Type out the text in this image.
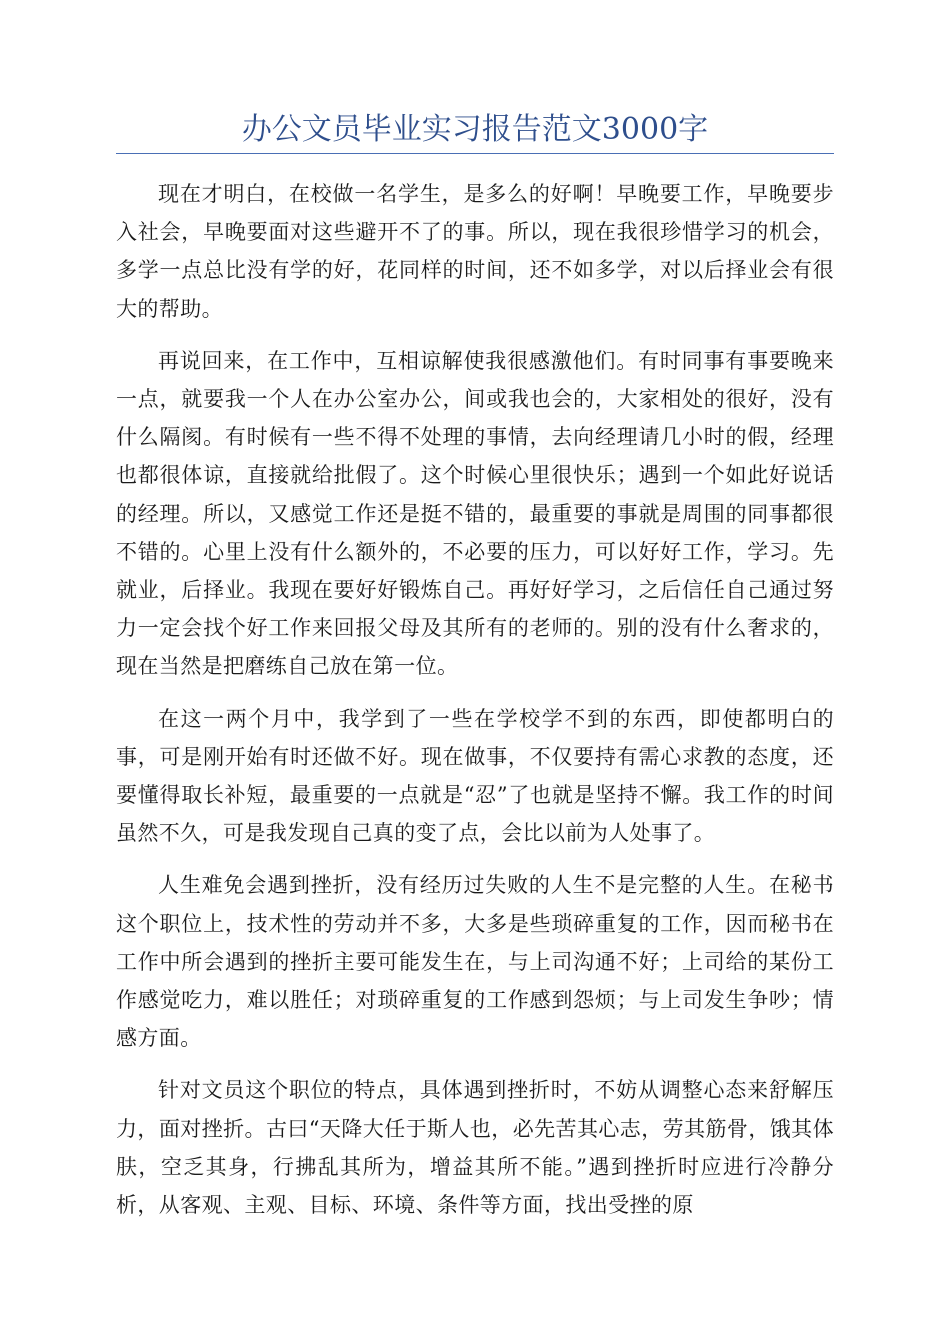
办公文员毕业实习报告范文3000字

现在才明白，在校做一名学生，是多么的好啊！早晚要工作，早晚要步入社会，早晚要面对这些避开不了的事。所以，现在我很珍惜学习的机会，多学一点总比没有学的好，花同样的时间，还不如多学，对以后择业会有很大的帮助。

再说回来，在工作中，互相谅解使我很感激他们。有时同事有事要晚来一点，就要我一个人在办公室办公，间或我也会的，大家相处的很好，没有什么隔阂。有时候有一些不得不处理的事情，去向经理请几小时的假，经理也都很体谅，直接就给批假了。这个时候心里很快乐；遇到一个如此好说话的经理。所以，又感觉工作还是挺不错的，最重要的事就是周围的同事都很不错的。心里上没有什么额外的，不必要的压力，可以好好工作，学习。先就业，后择业。我现在要好好锻炼自己。再好好学习，之后信任自己通过努力一定会找个好工作来回报父母及其所有的老师的。别的没有什么奢求的，现在当然是把磨练自己放在第一位。

在这一两个月中，我学到了一些在学校学不到的东西，即使都明白的事，可是刚开始有时还做不好。现在做事，不仅要持有需心求教的态度，还要懂得取长补短，最重要的一点就是“忍”了也就是坚持不懈。我工作的时间虽然不久，可是我发现自己真的变了点，会比以前为人处事了。

人生难免会遇到挫折，没有经历过失败的人生不是完整的人生。在秘书这个职位上，技术性的劳动并不多，大多是些琐碎重复的工作，因而秘书在工作中所会遇到的挫折主要可能发生在，与上司沟通不好；上司给的某份工作感觉吃力，难以胜任；对琐碎重复的工作感到怨烦；与上司发生争吵；情感方面。

针对文员这个职位的特点，具体遇到挫折时，不妨从调整心态来舒解压力，面对挫折。古曰“天降大任于斯人也，必先苦其心志，劳其筋骨，饿其体肤，空乏其身，行拂乱其所为，增益其所不能。”遇到挫折时应进行冷静分析，从客观、主观、目标、环境、条件等方面，找出受挫的原
